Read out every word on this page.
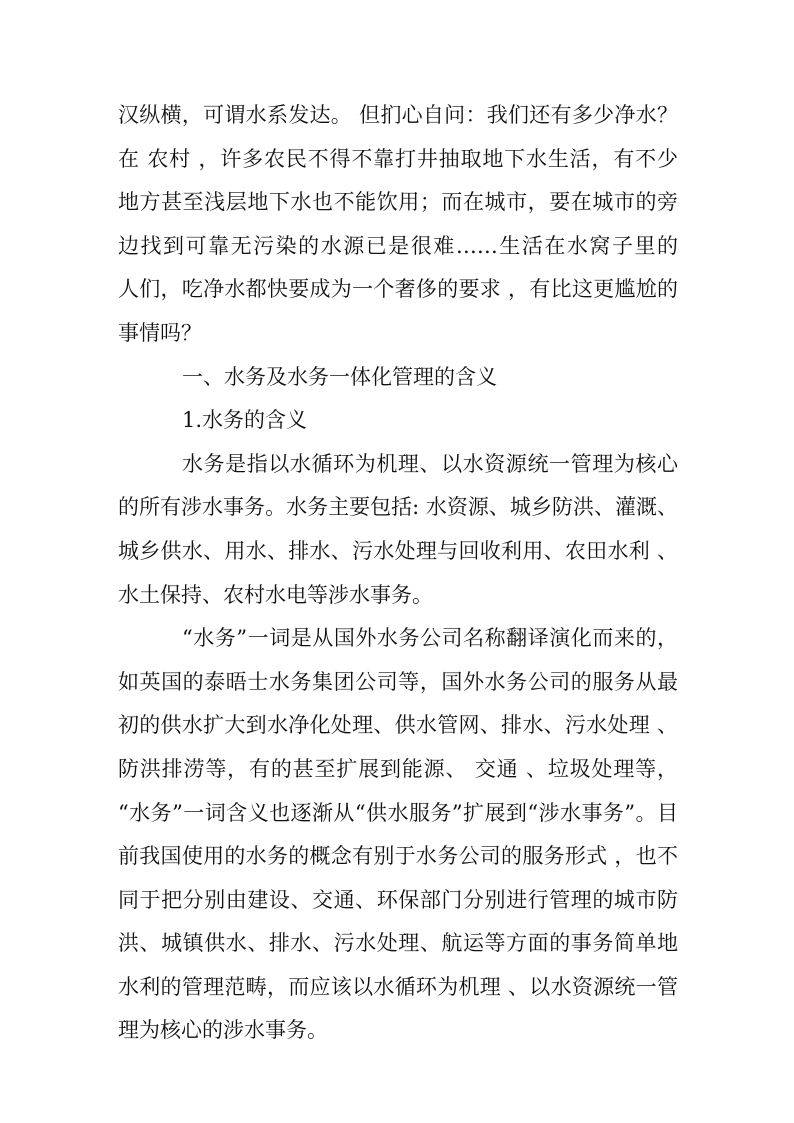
汉纵横，可谓水系发达。 但扪心自问：我们还有多少净水？
在 农村 ，许多农民不得不靠打井抽取地下水生活，有不少
地方甚至浅层地下水也不能饮用；而在城市，要在城市的旁
边找到可靠无污染的水源已是很难……生活在水窝子里的
人们，吃净水都快要成为一个奢侈的要求 ，有比这更尴尬的
事情吗？
一、水务及水务一体化管理的含义
1.水务的含义
水务是指以水循环为机理、以水资源统一管理为核心
的所有涉水事务。水务主要包括: 水资源、城乡防洪、灌溉、
城乡供水、用水、排水、污水处理与回收利用、农田水利 、
水土保持、农村水电等涉水事务。
“水务”一词是从国外水务公司名称翻译演化而来的，
如英国的泰晤士水务集团公司等，国外水务公司的服务从最
初的供水扩大到水净化处理、供水管网、排水、污水处理 、
防洪排涝等，有的甚至扩展到能源、 交通 、垃圾处理等，
“水务”一词含义也逐渐从“供水服务”扩展到“涉水事务”。目
前我国使用的水务的概念有别于水务公司的服务形式 ，也不
同于把分别由建设、交通、环保部门分别进行管理的城市防
洪、城镇供水、排水、污水处理、航运等方面的事务简单地
水利的管理范畴，而应该以水循环为机理 、以水资源统一管
理为核心的涉水事务。
